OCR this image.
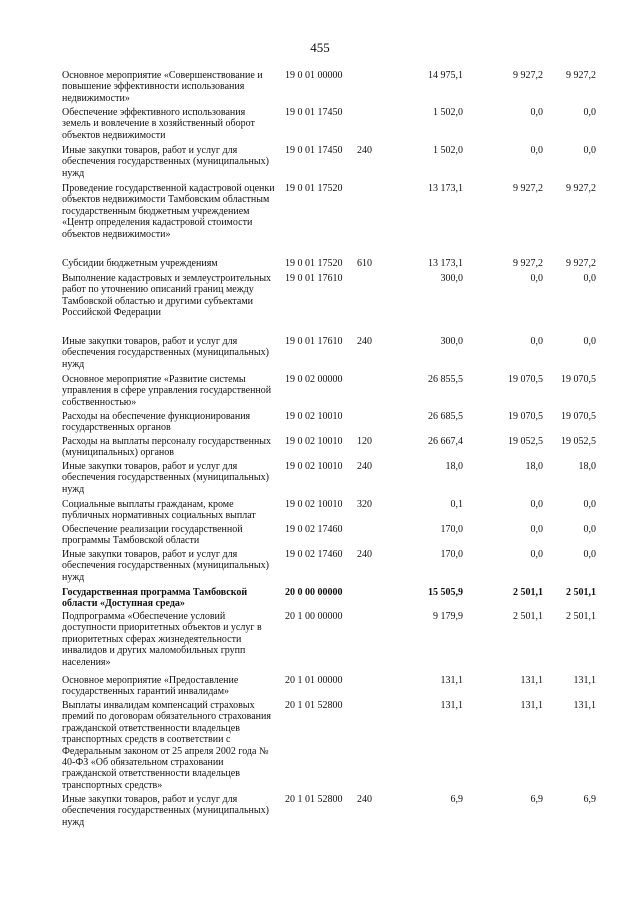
455
Основное мероприятие «Совершенствование и повышение эффективности использования недвижимости»
19 0 01 00000	14 975,1	9 927,2 9 927,2
Обеспечение эффективного использования земель и вовлечение в хозяйственный оборот объектов недвижимости
19 0 01 17450	1 502,0	0,0	0,0
Иные закупки товаров, работ и услуг для обеспечения государственных (муниципальных) нужд
19 0 01 17450 240	1 502,0	0,0	0,0
Проведение государственной кадастровой оценки объектов недвижимости Тамбовским областным государственным бюджетным учреждением «Центр определения кадастровой стоимости объектов недвижимости»
19 0 01 17520	13 173,1	9 927,2 9 927,2
Субсидии бюджетным учреждениям	19 0 01 17520 610	13 173,1	9 927,2 9 927,2
Выполнение кадастровых и землеустроительных работ по уточнению описаний границ между Тамбовской областью и другими субъектами Российской Федерации
19 0 01 17610	300,0	0,0	0,0
Иные закупки товаров, работ и услуг для обеспечения государственных (муниципальных) нужд
19 0 01 17610 240	300,0	0,0	0,0
Основное мероприятие «Развитие системы управления в сфере управления государственной собственностью»
19 0 02 00000	26 855,5	19 070,5 19 070,5
Расходы на обеспечение функционирования государственных органов
19 0 02 10010	26 685,5	19 070,5 19 070,5
Расходы на выплаты персоналу государственных (муниципальных) органов
19 0 02 10010 120	26 667,4	19 052,5 19 052,5
Иные закупки товаров, работ и услуг для обеспечения государственных (муниципальных) нужд
19 0 02 10010 240	18,0	18,0	18,0
Социальные выплаты гражданам, кроме публичных нормативных социальных выплат
19 0 02 10010 320	0,1	0,0	0,0
Обеспечение реализации государственной программы Тамбовской области
19 0 02 17460	170,0	0,0	0,0
Иные закупки товаров, работ и услуг для обеспечения государственных (муниципальных) нужд
19 0 02 17460 240	170,0	0,0	0,0
Государственная программа Тамбовской области «Доступная среда»
20 0 00 00000	15 505,9	2 501,1 2 501,1
Подпрограмма «Обеспечение условий доступности приоритетных объектов и услуг в приоритетных сферах жизнедеятельности инвалидов и других маломобильных групп населения»
20 1 00 00000	9 179,9	2 501,1 2 501,1
Основное мероприятие «Предоставление государственных гарантий инвалидам»
20 1 01 00000	131,1	131,1	131,1
Выплаты инвалидам компенсаций страховых премий по договорам обязательного страхования гражданской ответственности владельцев транспортных средств в соответствии с Федеральным законом от 25 апреля 2002 года № 40-ФЗ «Об обязательном страховании гражданской ответственности владельцев транспортных средств»
20 1 01 52800	131,1	131,1	131,1
Иные закупки товаров, работ и услуг для обеспечения государственных (муниципальных) нужд
20 1 01 52800 240	6,9	6,9	6,9
